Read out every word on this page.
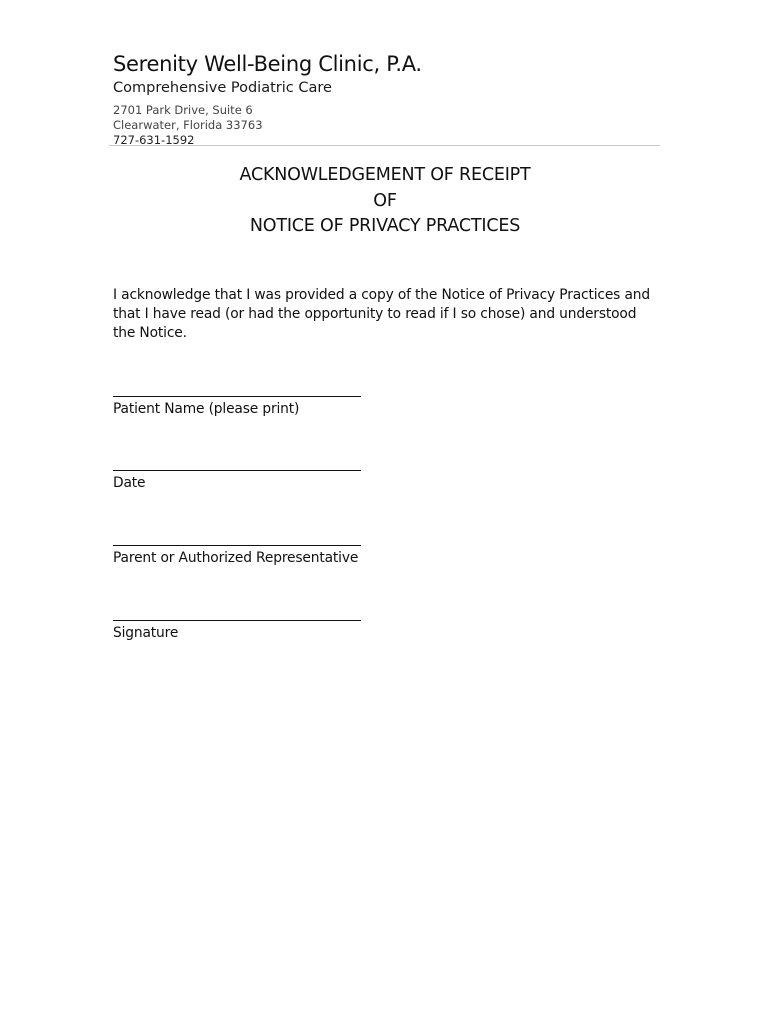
Serenity Well-Being Clinic, P.A.
Comprehensive Podiatric Care
2701 Park Drive, Suite 6
Clearwater, Florida 33763
727-631-1592
ACKNOWLEDGEMENT OF RECEIPT
OF
NOTICE OF PRIVACY PRACTICES
I acknowledge that I was provided a copy of the Notice of Privacy Practices and that I have read (or had the opportunity to read if I so chose) and understood the Notice.
Patient Name (please print)
Date
Parent or Authorized Representative
Signature
